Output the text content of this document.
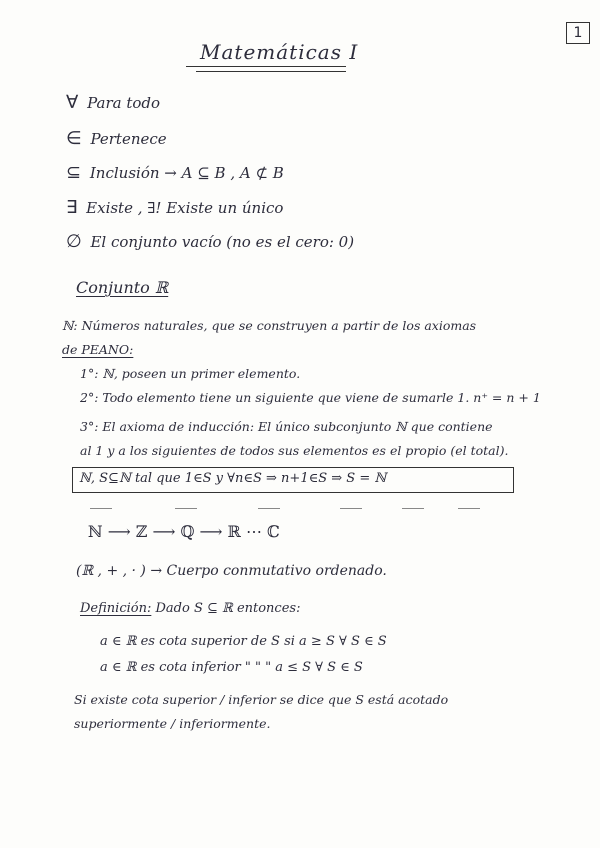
1
Matemáticas I
∀ Para todo
∈ Pertenece
⊆ Inclusión → A ⊆ B , A ⊄ B
∃ Existe , ∃! Existe un único
∅ El conjunto vacío (no es el cero: 0)
Conjunto ℝ
ℕ: Números naturales, que se construyen a partir de los axiomas
de PEANO:
1°: ℕ, poseen un primer elemento.
2°: Todo elemento tiene un siguiente que viene de sumarle 1. n⁺ = n + 1
3°: El axioma de inducción: El único subconjunto ℕ que contiene
al 1 y a los siguientes de todos sus elementos es el propio (el total).
ℕ, S⊆ℕ tal que 1∈S y ∀n∈S ⇒ n+1∈S ⇒ S = ℕ
ℕ ⟶ ℤ ⟶ ℚ ⟶ ℝ ⋯ ℂ
(ℝ , + , · ) → Cuerpo conmutativo ordenado.
Definición: Dado S ⊆ ℝ entonces:
a ∈ ℝ es cota superior de S si a ≥ S ∀ S ∈ S
a ∈ ℝ es cota inferior " " " a ≤ S ∀ S ∈ S
Si existe cota superior / inferior se dice que S está acotado
superiormente / inferiormente.
